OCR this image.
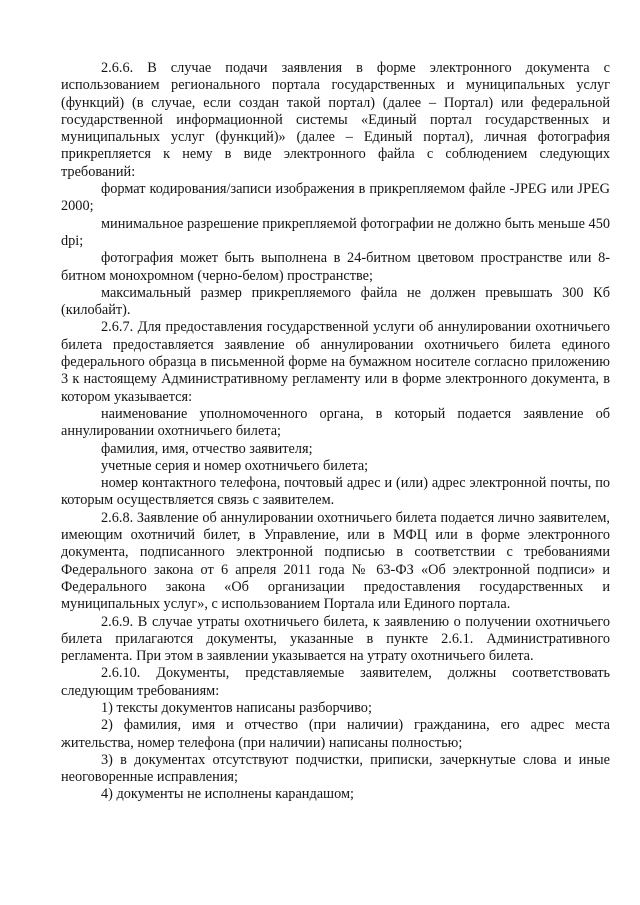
2.6.6. В случае подачи заявления в форме электронного документа с использованием регионального портала государственных и муниципальных услуг (функций) (в случае, если создан такой портал) (далее – Портал) или федеральной государственной информационной системы «Единый портал государственных и муниципальных услуг (функций)» (далее – Единый портал), личная фотография прикрепляется к нему в виде электронного файла с соблюдением следующих требований:

формат кодирования/записи изображения в прикрепляемом файле -JPEG или JPEG 2000;

минимальное разрешение прикрепляемой фотографии не должно быть меньше 450 dpi;

фотография может быть выполнена в 24-битном цветовом пространстве или 8-битном монохромном (черно-белом) пространстве;

максимальный размер прикрепляемого файла не должен превышать 300 Кб (килобайт).

2.6.7. Для предоставления государственной услуги об аннулировании охотничьего билета предоставляется заявление об аннулировании охотничьего билета единого федерального образца в письменной форме на бумажном носителе согласно приложению 3 к настоящему Административному регламенту или в форме электронного документа, в котором указывается:

наименование уполномоченного органа, в который подается заявление об аннулировании охотничьего билета;

фамилия, имя, отчество заявителя;

учетные серия и номер охотничьего билета;

номер контактного телефона, почтовый адрес и (или) адрес электронной почты, по которым осуществляется связь с заявителем.

2.6.8. Заявление об аннулировании охотничьего билета подается лично заявителем, имеющим охотничий билет, в Управление, или в МФЦ или в форме электронного документа, подписанного электронной подписью в соответствии с требованиями Федерального закона от 6 апреля 2011 года № 63-ФЗ «Об электронной подписи» и Федерального закона «Об организации предоставления государственных и муниципальных услуг», с использованием Портала или Единого портала.

2.6.9. В случае утраты охотничьего билета, к заявлению о получении охотничьего билета прилагаются документы, указанные в пункте 2.6.1. Административного регламента. При этом в заявлении указывается на утрату охотничьего билета.

2.6.10. Документы, представляемые заявителем, должны соответствовать следующим требованиям:

1) тексты документов написаны разборчиво;

2) фамилия, имя и отчество (при наличии) гражданина, его адрес места жительства, номер телефона (при наличии) написаны полностью;

3) в документах отсутствуют подчистки, приписки, зачеркнутые слова и иные неоговоренные исправления;

4) документы не исполнены карандашом;
